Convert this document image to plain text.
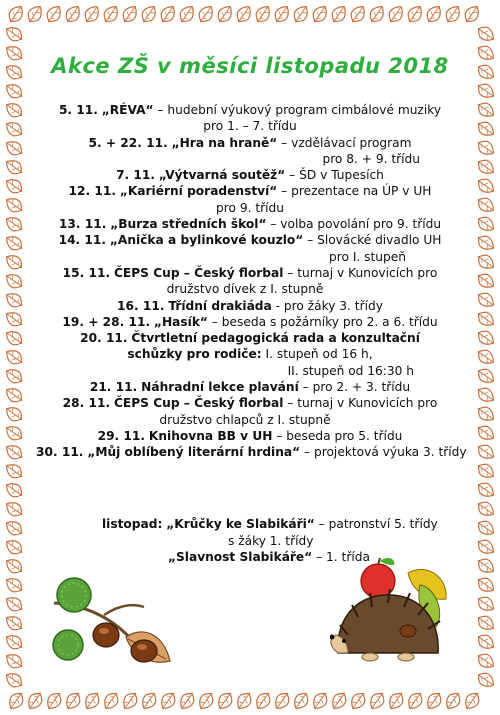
Akce ZŠ v měsíci listopadu 2018
5. 11. „RÉVA“ – hudební výukový program cimbálové muziky
pro 1. – 7. třídu
5. + 22. 11. „Hra na hraně“ – vzdělávací program
pro 8. + 9. třídu
7. 11. „Výtvarná soutěž“ – ŠD v Tupesích
12. 11. „Kariérní poradenství“ – prezentace na ÚP v UH
pro 9. třídu
13. 11. „Burza středních škol“ – volba povolání pro 9. třídu
14. 11. „Anička a bylinkové kouzlo“ – Slovácké divadlo UH
pro I. stupeň
15. 11. ČEPS Cup – Český florbal – turnaj v Kunovicích pro
družstvo dívek z I. stupně
16. 11. Třídní drakiáda - pro žáky 3. třídy
19. + 28. 11. „Hasík“ – beseda s požárníky pro 2. a 6. třídu
20. 11. Čtvrtletní pedagogická rada a konzultační
schůzky pro rodiče: I. stupeň od 16 h,
II. stupeň od 16:30 h
21. 11. Náhradní lekce plavání – pro 2. + 3. třídu
28. 11. ČEPS Cup – Český florbal – turnaj v Kunovicích pro
družstvo chlapců z I. stupně
29. 11. Knihovna BB v UH – beseda pro 5. třídu
30. 11. „Můj oblíbený literární hrdina“ – projektová výuka 3. třídy
listopad: „Krůčky ke Slabikáři“ – patronství 5. třídy
s žáky 1. třídy
„Slavnost Slabikáře“ – 1. třída
